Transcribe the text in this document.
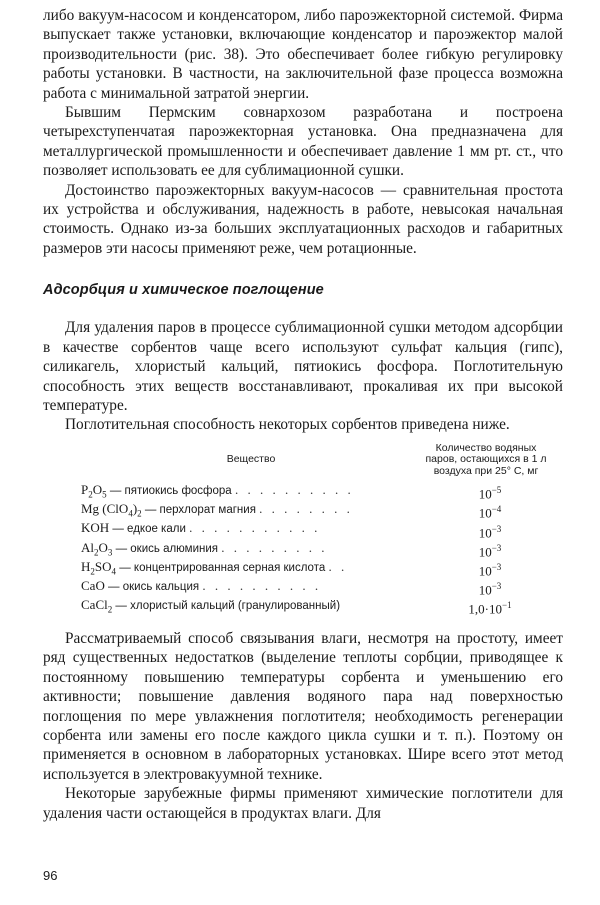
либо вакуум-насосом и конденсатором, либо пароэжекторной системой. Фирма выпускает также установки, включающие конденсатор и пароэжектор малой производительности (рис. 38). Это обеспечивает более гибкую регулировку работы установки. В частности, на заключительной фазе процесса возможна работа с минимальной затратой энергии.

Бывшим Пермским совнархозом разработана и построена четырехступенчатая пароэжекторная установка. Она предназначена для металлургической промышленности и обеспечивает давление 1 мм рт. ст., что позволяет использовать ее для сублимационной сушки.

Достоинство пароэжекторных вакуум-насосов — сравнительная простота их устройства и обслуживания, надежность в работе, невысокая начальная стоимость. Однако из-за больших эксплуатационных расходов и габаритных размеров эти насосы применяют реже, чем ротационные.

Адсорбция и химическое поглощение

Для удаления паров в процессе сублимационной сушки методом адсорбции в качестве сорбентов чаще всего используют сульфат кальция (гипс), силикагель, хлористый кальций, пятиокись фосфора. Поглотительную способность этих веществ восстанавливают, прокаливая их при высокой температуре.

Поглотительная способность некоторых сорбентов приведена ниже.

Вещество	Количество водяных паров, остающихся в 1 л воздуха при 25° С, мг
$P_2O_5$ — пятиокись фосфора . . . . . . . . . .	$10^{-5}$
Mg $(ClO_4)_2$ — перхлорат магния . . . . . . . .	$10^{-4}$
KOH — едкое кали . . . . . . . . . . .	$10^{-3}$
$Al_2O_3$ — окись алюминия . . . . . . . . .	$10^{-3}$
$H_2SO_4$ — концентрированная серная кислота . .	$10^{-3}$
CaO — окись кальция . . . . . . . . . .	$10^{-3}$
CaCl$_2$ — хлористый кальций (гранулированный)	$1,0\cdot 10^{-1}$

Рассматриваемый способ связывания влаги, несмотря на простоту, имеет ряд существенных недостатков (выделение теплоты сорбции, приводящее к постоянному повышению температуры сорбента и уменьшению его активности; повышение давления водяного пара над поверхностью поглощения по мере увлажнения поглотителя; необходимость регенерации сорбента или замены его после каждого цикла сушки и т. п.). Поэтому он применяется в основном в лабораторных установках. Шире всего этот метод используется в электровакуумной технике.

Некоторые зарубежные фирмы применяют химические поглотители для удаления части остающейся в продуктах влаги. Для

96
